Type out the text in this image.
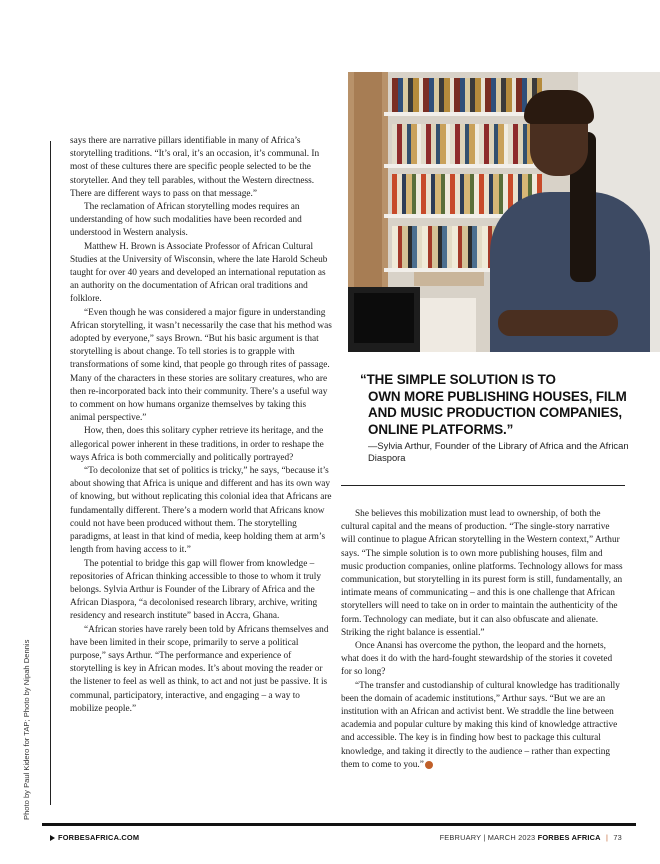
Photo by Paul Kidero for TAP; Photo by Nipah Dennis

says there are narrative pillars identifiable in many of Africa’s storytelling traditions. “It’s oral, it’s an occasion, it’s communal. In most of these cultures there are specific people selected to be the storyteller. And they tell parables, without the Western directness. There are different ways to pass on that message.”

The reclamation of African storytelling modes requires an understanding of how such modalities have been recorded and understood in Western analysis.

Matthew H. Brown is Associate Professor of African Cultural Studies at the University of Wisconsin, where the late Harold Scheub taught for over 40 years and developed an international reputation as an authority on the documentation of African oral traditions and folklore.

“Even though he was considered a major figure in understanding African storytelling, it wasn’t necessarily the case that his method was adopted by everyone,” says Brown. “But his basic argument is that storytelling is about change. To tell stories is to grapple with transformations of some kind, that people go through rites of passage. Many of the characters in these stories are solitary creatures, who are then re-incorporated back into their community. There’s a useful way to comment on how humans organize themselves by taking this animal perspective.”

How, then, does this solitary cypher retrieve its heritage, and the allegorical power inherent in these traditions, in order to reshape the ways Africa is both commercially and politically portrayed?

“To decolonize that set of politics is tricky,” he says, “because it’s about showing that Africa is unique and different and has its own way of knowing, but without replicating this colonial idea that Africans are fundamentally different. There’s a modern world that Africans know could not have been produced without them. The storytelling paradigms, at least in that kind of media, keep holding them at arm’s length from having access to it.”

The potential to bridge this gap will flower from knowledge – repositories of African thinking accessible to those to whom it truly belongs. Sylvia Arthur is Founder of the Library of Africa and the African Diaspora, “a decolonised research library, archive, writing residency and research institute” based in Accra, Ghana.

“African stories have rarely been told by Africans themselves and have been limited in their scope, primarily to serve a political purpose,” says Arthur. “The performance and experience of storytelling is key in African modes. It’s about moving the reader or the listener to feel as well as think, to act and not just be passive. It is communal, participatory, interactive, and engaging – a way to mobilize people.”

“THE SIMPLE SOLUTION IS TO
OWN MORE PUBLISHING HOUSES, FILM AND MUSIC PRODUCTION COMPANIES, ONLINE PLATFORMS.”

—Sylvia Arthur, Founder of the Library of Africa and the African Diaspora

She believes this mobilization must lead to ownership, of both the cultural capital and the means of production. “The single-story narrative will continue to plague African storytelling in the Western context,” Arthur says. “The simple solution is to own more publishing houses, film and music production companies, online platforms. Technology allows for mass communication, but storytelling in its purest form is still, fundamentally, an intimate means of communicating – and this is one challenge that African storytellers will need to take on in order to maintain the authenticity of the form. Technology can mediate, but it can also obfuscate and alienate. Striking the right balance is essential.”

Once Anansi has overcome the python, the leopard and the hornets, what does it do with the hard-fought stewardship of the stories it coveted for so long?

“The transfer and custodianship of cultural knowledge has traditionally been the domain of academic institutions,” Arthur says. “But we are an institution with an African and activist bent. We straddle the line between academia and popular culture by making this kind of knowledge attractive and accessible. The key is in finding how best to package this cultural knowledge, and taking it directly to the audience – rather than expecting them to come to you.”

FORBESAFRICA.COM	FEBRUARY | MARCH 2023 FORBES AFRICA | 73
